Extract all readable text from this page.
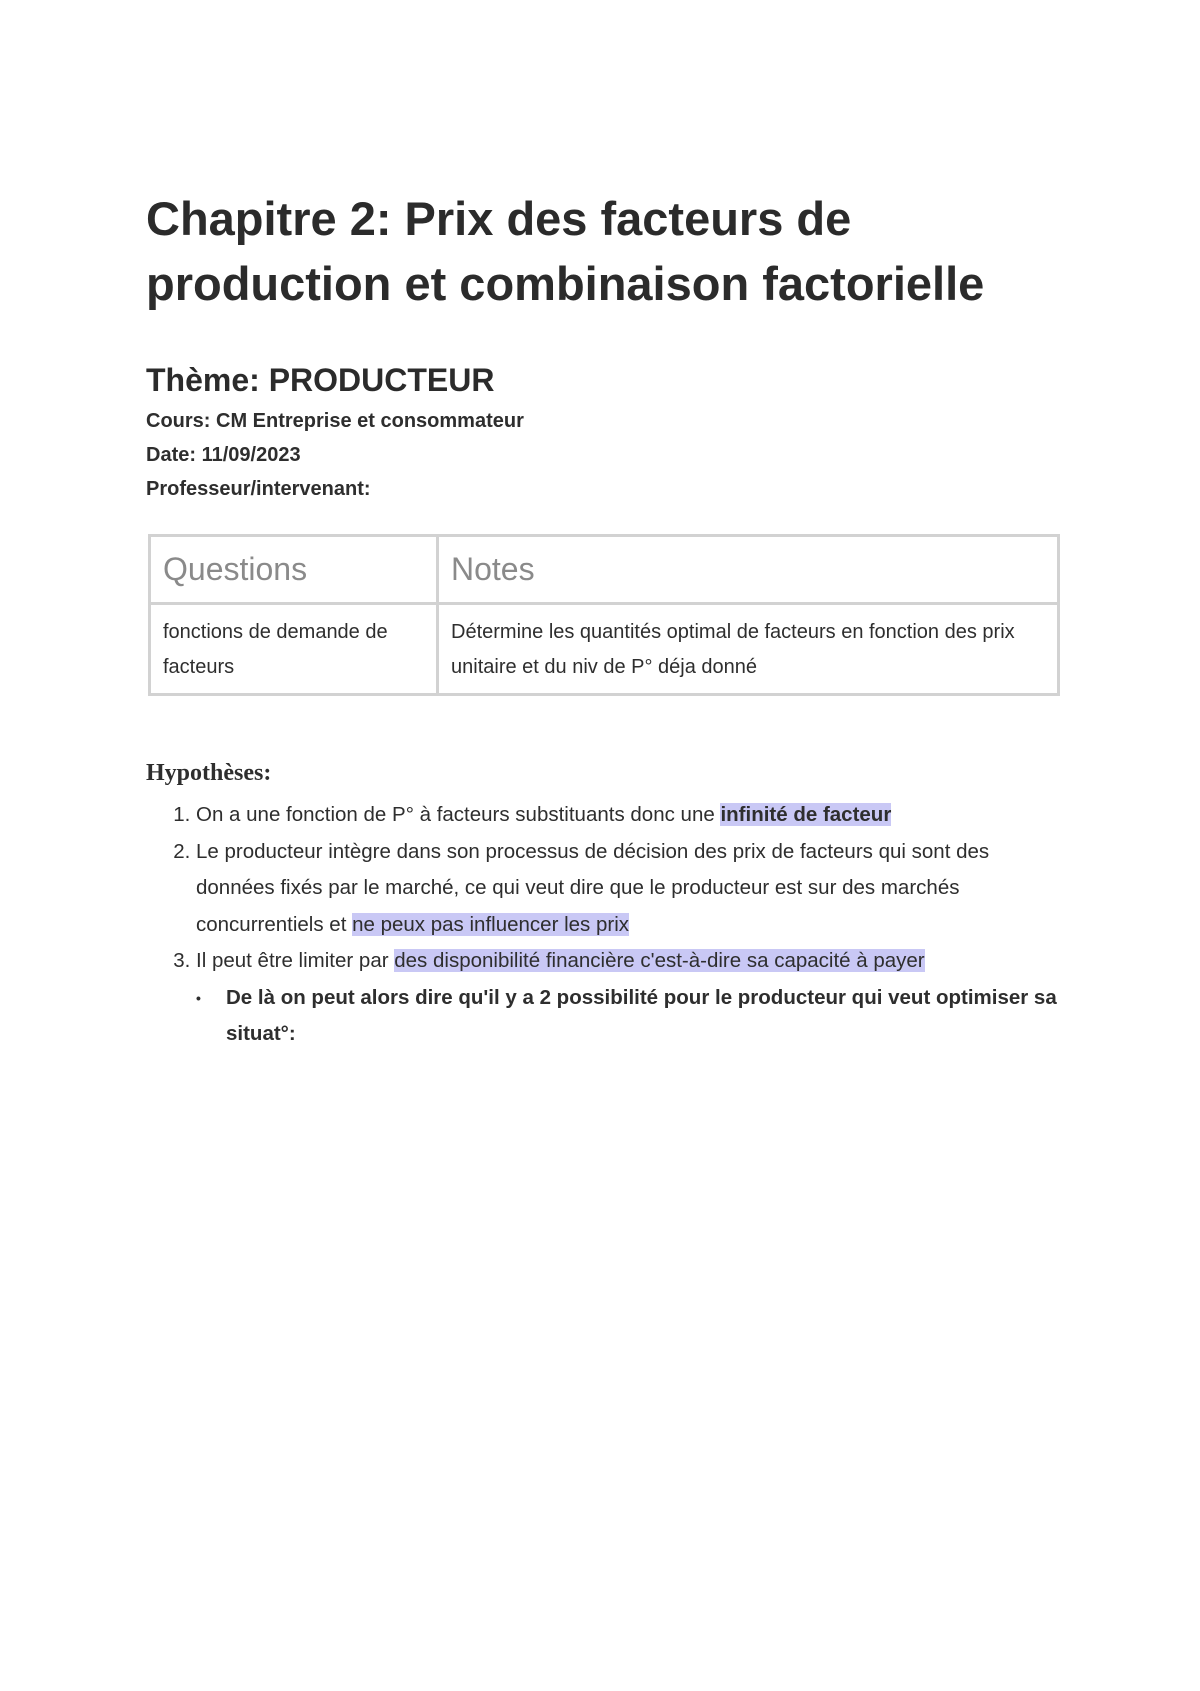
Chapitre 2: Prix des facteurs de production et combinaison factorielle
Thème: PRODUCTEUR

Cours: CM Entreprise et consommateur

Date: 11/09/2023

Professeur/intervenant:

Questions	Notes
fonctions de demande de facteurs	Détermine les quantités optimal de facteurs en fonction des prix unitaire et du niv de P° déja donné
Hypothèses:
1. On a une fonction de P° à facteurs substituants donc une infinité de facteur
2. Le producteur intègre dans son processus de décision des prix de facteurs qui sont des données fixés par le marché, ce qui veut dire que le producteur est sur des marchés concurrentiels et ne peux pas influencer les prix
3. Il peut être limiter par des disponibilité financière c'est-à-dire sa capacité à payer
• De là on peut alors dire qu'il y a 2 possibilité pour le producteur qui veut optimiser sa situat°:
